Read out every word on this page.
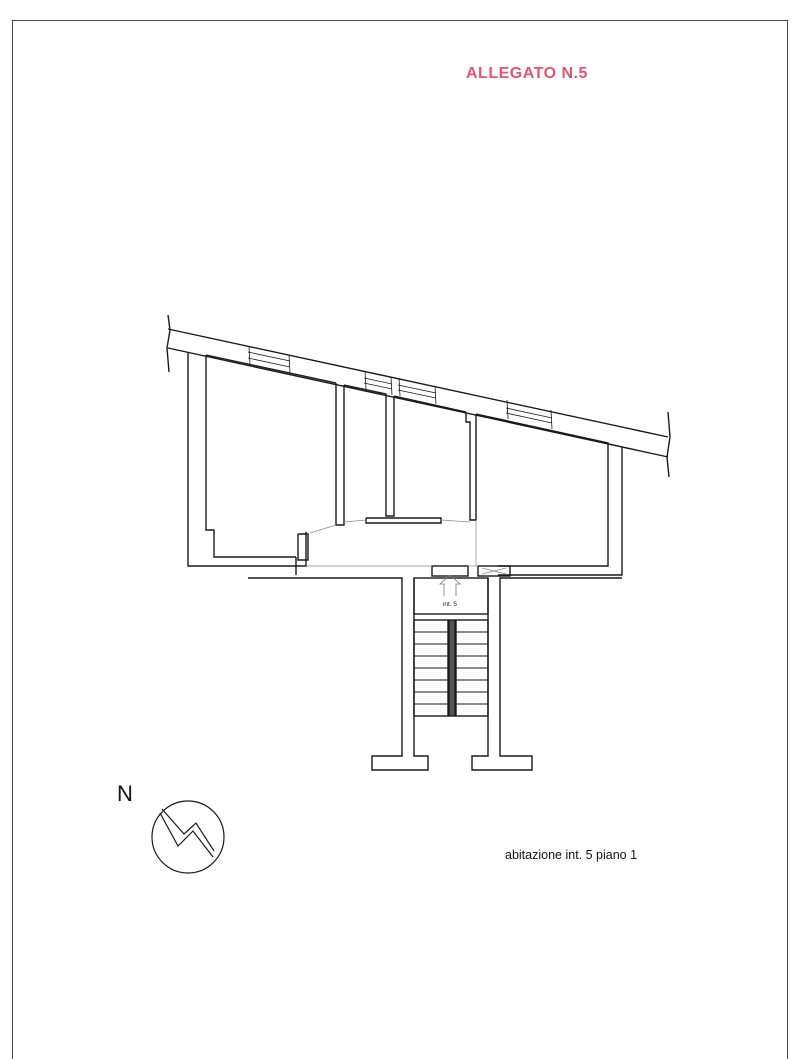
int. 5
ALLEGATO N.5
N
abitazione int. 5 piano 1
